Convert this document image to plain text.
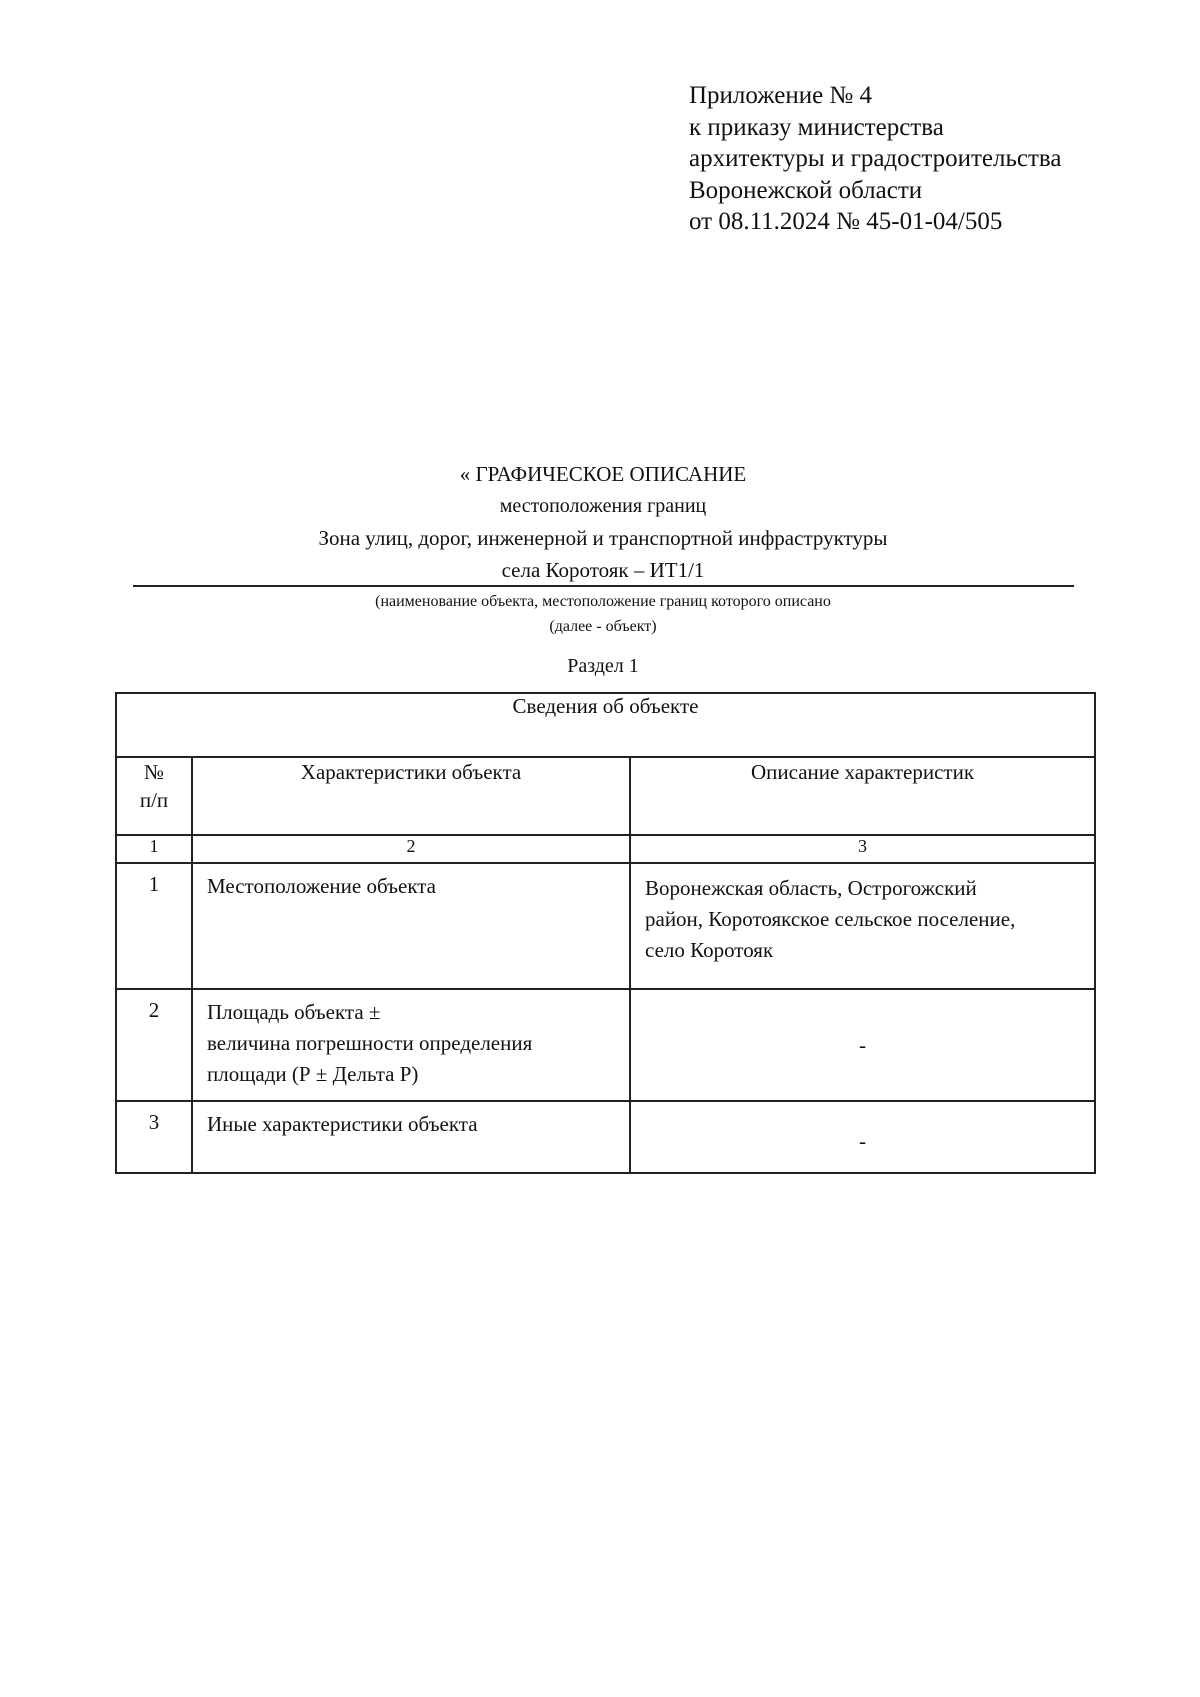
Приложение № 4
к приказу министерства
архитектуры и градостроительства
Воронежской области
от 08.11.2024 № 45-01-04/505
« ГРАФИЧЕСКОЕ ОПИСАНИЕ
местоположения границ
Зона улиц, дорог, инженерной и транспортной инфраструктуры
села Коротояк – ИТ1/1
(наименование объекта, местоположение границ которого описано
(далее - объект)
Раздел 1
Сведения об объекте		

№
п/п	Характеристики объекта	Описание характеристик
1	2	3
1	Местоположение объекта	Воронежская область, Острогожский
район, Коротоякское сельское поселение,
село Коротояк

2	Площадь объекта ±
величина погрешности определения
площади (Р ± Дельта Р)	-
3	Иные характеристики объекта	-
